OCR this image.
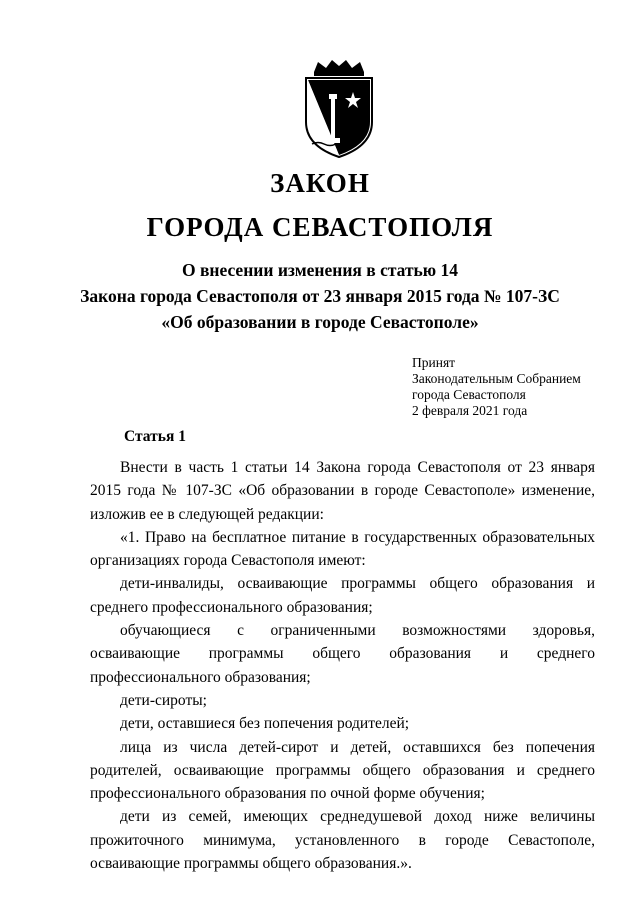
ЗАКОН
ГОРОДА СЕВАСТОПОЛЯ
О внесении изменения в статью 14
Закона города Севастополя от 23 января 2015 года № 107-ЗС
«Об образовании в городе Севастополе»
Принят
Законодательным Собранием
города Севастополя
2 февраля 2021 года
Статья 1

Внести в часть 1 статьи 14 Закона города Севастополя от 23 января 2015 года № 107-ЗС «Об образовании в городе Севастополе» изменение, изложив ее в следующей редакции:

«1. Право на бесплатное питание в государственных образовательных организациях города Севастополя имеют:

дети-инвалиды, осваивающие программы общего образования и среднего профессионального образования;

обучающиеся с ограниченными возможностями здоровья, осваивающие программы общего образования и среднего профессионального образования;

дети-сироты;

дети, оставшиеся без попечения родителей;

лица из числа детей-сирот и детей, оставшихся без попечения родителей, осваивающие программы общего образования и среднего профессионального образования по очной форме обучения;

дети из семей, имеющих среднедушевой доход ниже величины прожиточного минимума, установленного в городе Севастополе, осваивающие программы общего образования.».
